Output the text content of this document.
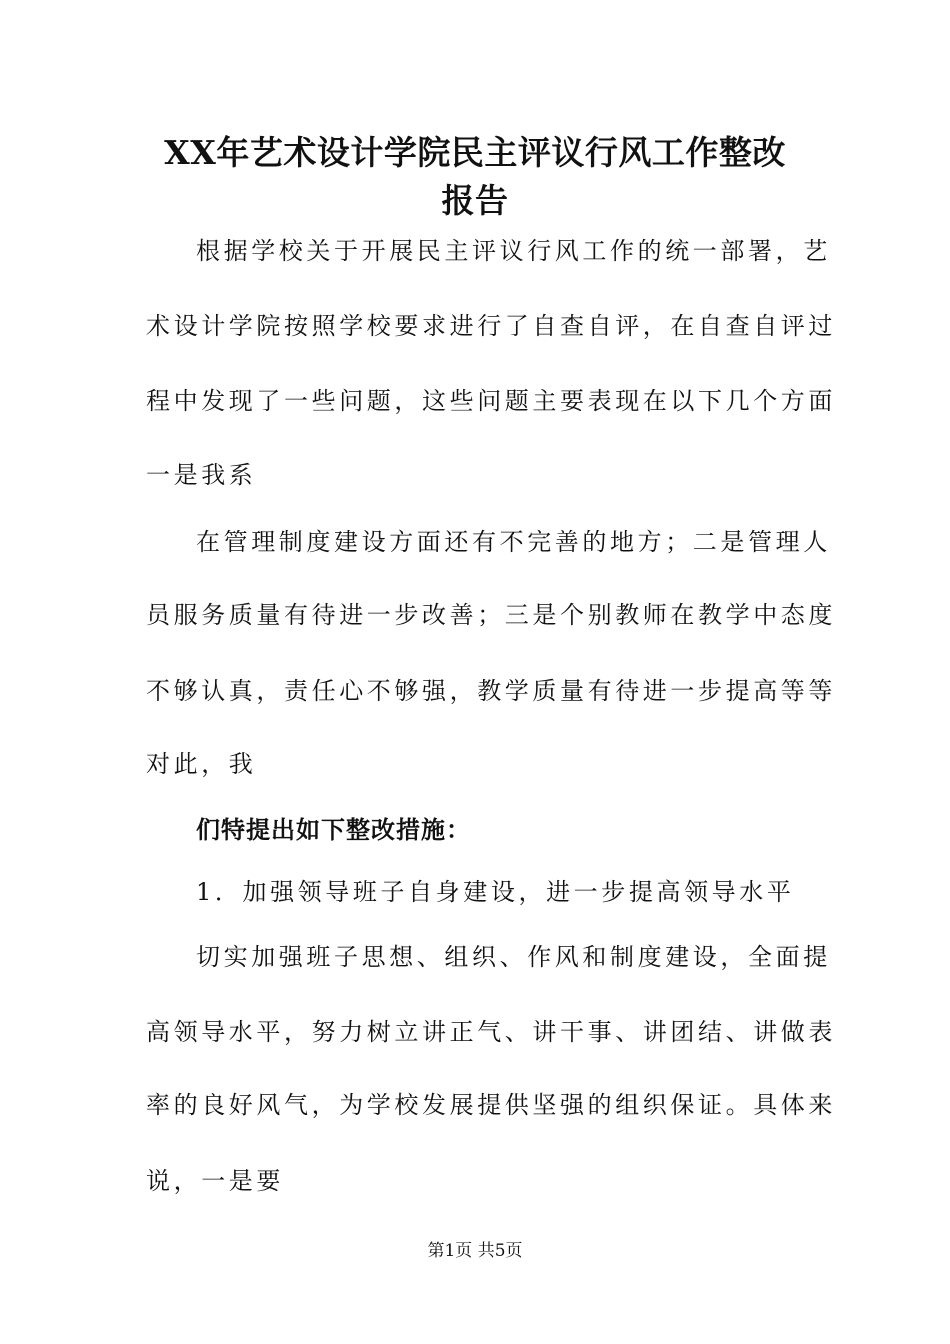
XX年艺术设计学院民主评议行风工作整改
报告
根据学校关于开展民主评议行风工作的统一部署，艺
术设计学院按照学校要求进行了自查自评，在自查自评过
程中发现了一些问题，这些问题主要表现在以下几个方面
一是我系
在管理制度建设方面还有不完善的地方；二是管理人
员服务质量有待进一步改善；三是个别教师在教学中态度
不够认真，责任心不够强，教学质量有待进一步提高等等
对此，我
们特提出如下整改措施：
1．加强领导班子自身建设，进一步提高领导水平
切实加强班子思想、组织、作风和制度建设，全面提
高领导水平，努力树立讲正气、讲干事、讲团结、讲做表
率的良好风气，为学校发展提供坚强的组织保证。具体来
说，一是要
第1页 共5页
